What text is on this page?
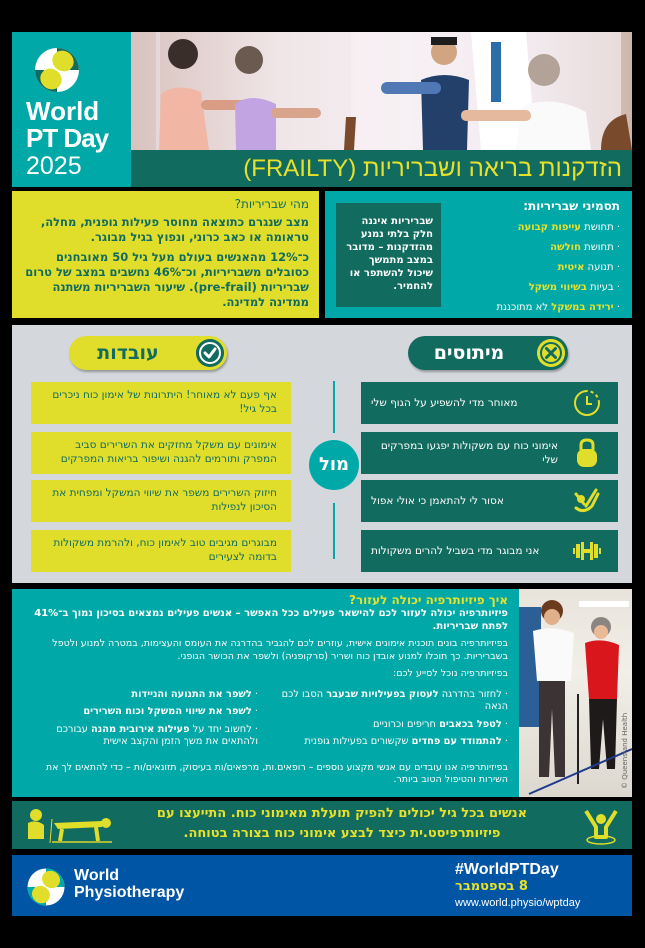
World
PT Day
2025	הזדקנות בריאה ושבריריות (FRAILTY)
מהי שבריריות?

מצב שנגרם כתוצאה מחוסר פעילות גופנית, מחלה, טראומה או כאב כרוני, ונפוץ בגיל מבוגר.

כ־12% מהאנשים בעולם מעל גיל 50 מאובחנים כסובלים משבריריות, וכ־46% נחשבים במצב של טרום שבריריות (pre-frail). שיעור השבריריות משתנה ממדינה למדינה.

שבריריות איננה חלק בלתי נמנע מהזדקנות – מדובר במצב מתמשך שיכול להשתפר או להחמיר.
תסמיני שבריריות:
· תחושת עייפות קבועה
· תחושת חולשה
· תנועה איטית
· בעיות בשיווי משקל
· ירידה במשקל לא מתוכננת
עובדות	מיתוסים
אף פעם לא מאוחר! היתרונות של אימון כוח ניכרים בכל גיל!
אימונים עם משקל מחזקים את השרירים סביב המפרק ותורמים להגנה ושיפור בריאות המפרקים
חיזוק השרירים משפר את שיווי המשקל ומפחית את הסיכון לנפילות
מבוגרים מגיבים טוב לאימון כוח, ולהרמת משקולות בדומה לצעירים
מול
מאוחר מדי להשפיע על הגוף שלי
אימוני כוח עם משקולות יפגעו במפרקים שלי
אסור לי להתאמן כי אולי אפול
אני מבוגר מדי בשביל להרים משקולות
איך פיזיותרפיה יכולה לעזור?
פיזיותרפיה יכולה לעזור לכם להישאר פעילים ככל האפשר – אנשים פעילים נמצאים בסיכון נמוך ב־41% לפתח שבריריות.
בפיזיותרפיה בונים תוכנית אימונים אישית, עוזרים לכם להגביר בהדרגה את העומס והעצימות, במטרה למנוע ולטפל בשבריריות. כך תוכלו למנוע אובדן כוח ושריר (סרקופניה) ולשפר את הכושר הגופני.
בפיזיותרפיה נוכל לסייע לכם:
· לחזור בהדרגה לעסוק בפעילויות שבעבר הסבו לכם הנאה
· לטפל בכאבים חריפים וכרוניים
· להתמודד עם פחדים שקשורים בפעילות גופנית
· לשפר את התנועה והניידות
· לשפר את שיווי המשקל וכוח השרירים
· לחשוב יחד על פעילות אירובית מהנה עבורכם ולהתאים את משך הזמן והקצב אישית
בפיזיותרפיה אנו עובדים עם אנשי מקצוע נוספים – רופאים.ות, מרפאים/ות בעיסוק, תזונאים/ות – כדי להתאים לך את השירות והטיפול הטוב ביותר.	© Queensland Health
אנשים בכל גיל יכולים להפיק תועלת מאימוני כוח. התייעצו עם פיזיותרפיסט.ית כיצד לבצע אימוני כוח בצורה בטוחה.
World
Physiotherapy
#WorldPTDay
8 בספטמבר
www.world.physio/wptday
